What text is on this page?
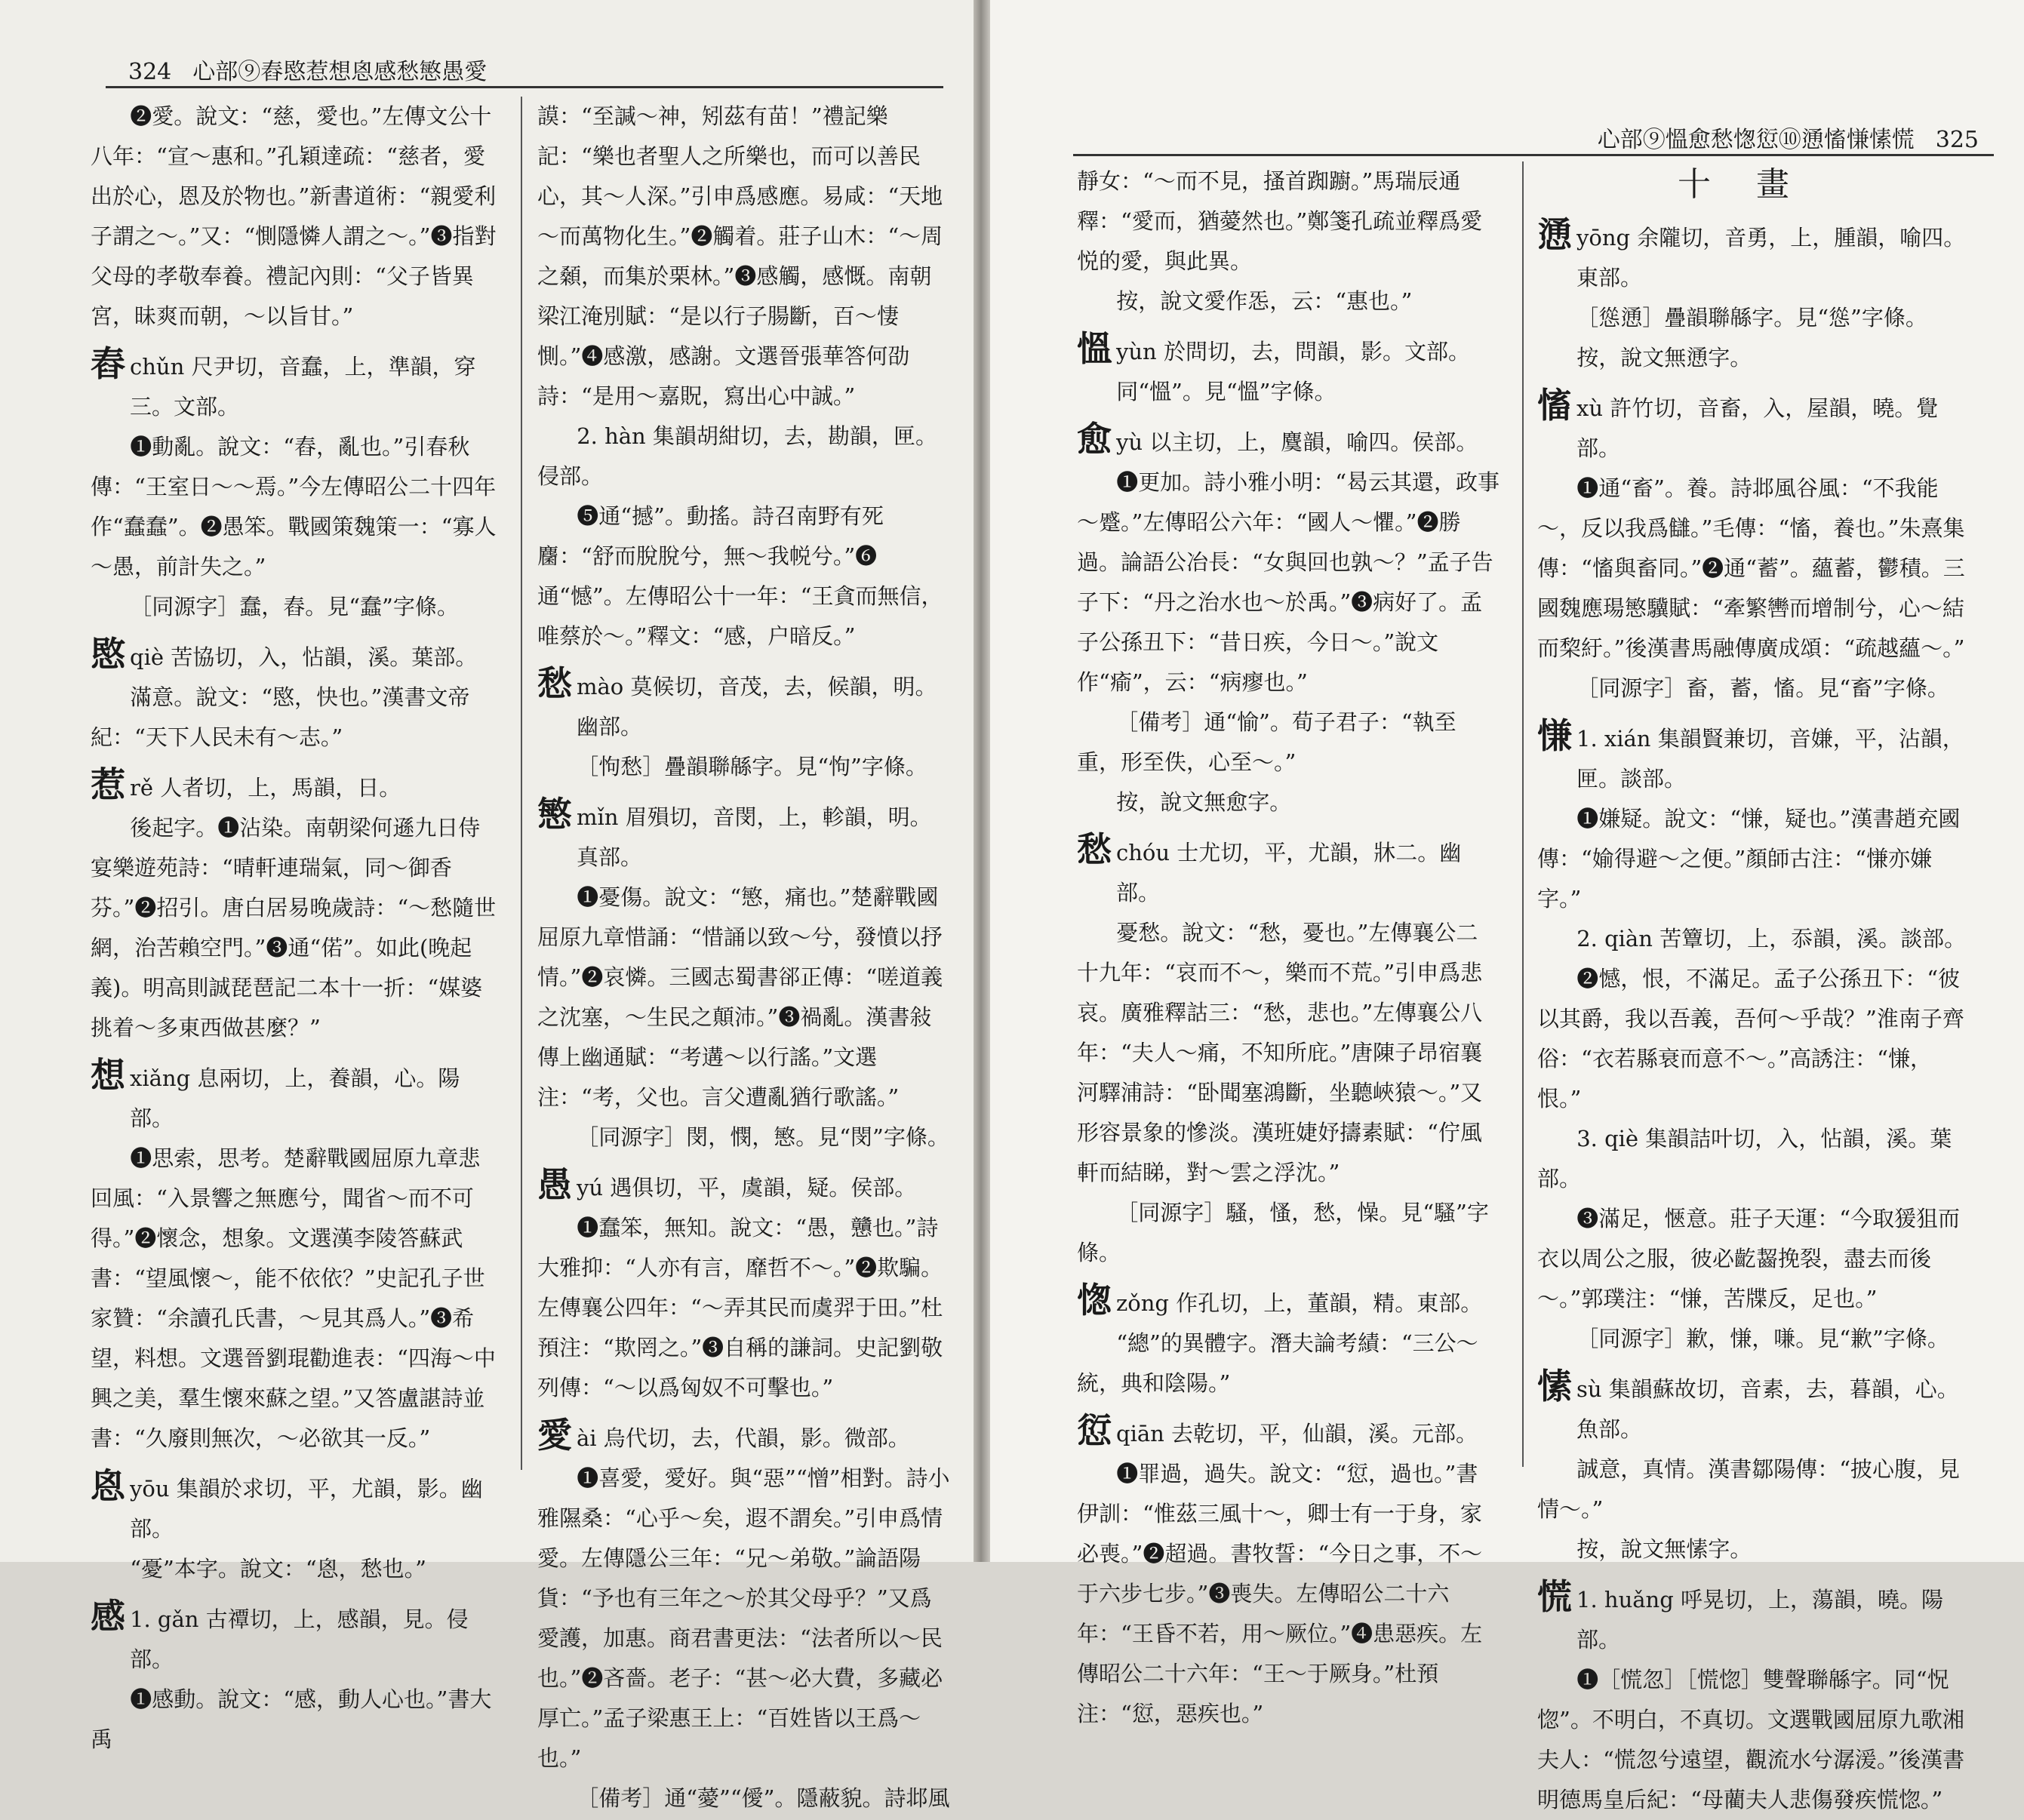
324 心部⑨舂愍惹想恖感愁慜愚愛

❷愛。說文：“慈，愛也。”左傳文公十八年：“宣～惠和。”孔穎達疏：“慈者，愛出於心，恩及於物也。”新書道術：“親愛利子謂之～。”又：“惻隱憐人謂之～。”❸指對父母的孝敬奉養。禮記內則：“父子皆異宮，昧爽而朝，～以旨甘。”

舂 chǔn 尺尹切，音蠢，上，準韻，穿三。文部。

❶動亂。說文：“舂，亂也。”引春秋傳：“王室日～～焉。”今左傳昭公二十四年作“蠢蠢”。❷愚笨。戰國策魏策一：“寡人～愚，前計失之。”

［同源字］蠢，舂。見“蠢”字條。

愍 qiè 苦協切，入，怗韻，溪。葉部。

滿意。說文：“愍，快也。”漢書文帝紀：“天下人民未有～志。”

惹 rě 人者切，上，馬韻，日。

後起字。❶沾染。南朝梁何遜九日侍宴樂遊苑詩：“晴軒連瑞氣，同～御香芬。”❷招引。唐白居易晚歲詩：“～愁隨世網，治苦賴空門。”❸通“偌”。如此(晚起義)。明高則誠琵琶記二本十一折：“媒婆挑着～多東西做甚麼？”

想 xiǎng 息兩切，上，養韻，心。陽部。

❶思索，思考。楚辭戰國屈原九章悲回風：“入景響之無應兮，聞省～而不可得。”❷懷念，想象。文選漢李陵答蘇武書：“望風懷～，能不依依？”史記孔子世家贊：“余讀孔氏書，～見其爲人。”❸希望，料想。文選晉劉琨勸進表：“四海～中興之美，羣生懷來蘇之望。”又答盧諶詩並書：“久廢則無次，～必欲其一反。”

恖 yōu 集韻於求切，平，尤韻，影。幽部。

“憂”本字。說文：“恖，愁也。”

感 1. gǎn 古禫切，上，感韻，見。侵部。

❶感動。說文：“感，動人心也。”書大禹

謨：“至諴～神，矧茲有苗！”禮記樂記：“樂也者聖人之所樂也，而可以善民心，其～人深。”引申爲感應。易咸：“天地～而萬物化生。”❷觸着。莊子山木：“～周之顙，而集於栗林。”❸感觸，感慨。南朝梁江淹別賦：“是以行子腸斷，百～悽惻。”❹感激，感謝。文選晉張華答何劭詩：“是用～嘉貺，寫出心中誠。”

2. hàn 集韻胡紺切，去，勘韻，匣。侵部。

❺通“撼”。動搖。詩召南野有死麕：“舒而脫脫兮，無～我帨兮。”❻通“憾”。左傳昭公十一年：“王貪而無信，唯蔡於～。”釋文：“感，户暗反。”

愁 mào 莫候切，音茂，去，候韻，明。幽部。

［怐愁］疊韻聯緜字。見“怐”字條。

慜 mǐn 眉殞切，音閔，上，軫韻，明。真部。

❶憂傷。說文：“慜，痛也。”楚辭戰國屈原九章惜誦：“惜誦以致～兮，發憤以抒情。”❷哀憐。三國志蜀書郤正傳：“嗟道義之沈塞，～生民之顛沛。”❸禍亂。漢書敍傳上幽通賦：“考遘～以行謠。”文選注：“考，父也。言父遭亂猶行歌謠。”

［同源字］閔，憫，慜。見“閔”字條。

愚 yú 遇俱切，平，虞韻，疑。侯部。

❶蠢笨，無知。說文：“愚，戇也。”詩大雅抑：“人亦有言，靡哲不～。”❷欺騙。左傳襄公四年：“～弄其民而虞羿于田。”杜預注：“欺罔之。”❸自稱的謙詞。史記劉敬列傳：“～以爲匈奴不可擊也。”

愛 ài 烏代切，去，代韻，影。微部。

❶喜愛，愛好。與“惡”“憎”相對。詩小雅隰桑：“心乎～矣，遐不謂矣。”引申爲情愛。左傳隱公三年：“兄～弟敬。”論語陽貨：“予也有三年之～於其父母乎？”又爲愛護，加惠。商君書更法：“法者所以～民也。”❷吝嗇。老子：“甚～必大費，多藏必厚亡。”孟子梁惠王上：“百姓皆以王爲～也。”

［備考］通“薆”“僾”。隱蔽貌。詩邶風

心部⑨慍愈愁愡愆⑩慂慉慊愫慌 325

靜女：“～而不見，搔首踟躕。”馬瑞辰通釋：“愛而，猶薆然也。”鄭箋孔疏並釋爲愛悦的愛，與此異。

按，說文愛作㤅，云：“惠也。”

慍 yùn 於問切，去，問韻，影。文部。

同“慍”。見“慍”字條。

愈 yù 以主切，上，麌韻，喻四。侯部。

❶更加。詩小雅小明：“曷云其還，政事～蹙。”左傳昭公六年：“國人～懼。”❷勝過。論語公冶長：“女與回也孰～？”孟子告子下：“丹之治水也～於禹。”❸病好了。孟子公孫丑下：“昔日疾，今日～。”說文作“瘉”，云：“病瘳也。”

［備考］通“愉”。荀子君子：“執至重，形至佚，心至～。”

按，說文無愈字。

愁 chóu 士尤切，平，尤韻，牀二。幽部。

憂愁。說文：“愁，憂也。”左傳襄公二十九年：“哀而不～，樂而不荒。”引申爲悲哀。廣雅釋詁三：“愁，悲也。”左傳襄公八年：“夫人～痛，不知所庇。”唐陳子昂宿襄河驛浦詩：“卧聞塞鴻斷，坐聽峽猿～。”又形容景象的慘淡。漢班婕妤擣素賦：“佇風軒而結睇，對～雲之浮沈。”

［同源字］騷，慅，愁，懆。見“騷”字條。

愡 zǒng 作孔切，上，董韻，精。東部。

“總”的異體字。潛夫論考績：“三公～統，典和陰陽。”

愆 qiān 去乾切，平，仙韻，溪。元部。

❶罪過，過失。說文：“愆，過也。”書伊訓：“惟茲三風十～，卿士有一于身，家必喪。”❷超過。書牧誓：“今日之事，不～于六步七步。”❸喪失。左傳昭公二十六年：“王昏不若，用～厥位。”❹患惡疾。左傳昭公二十六年：“王～于厥身。”杜預注：“愆，惡疾也。”

十畫
慂 yōng 余隴切，音勇，上，腫韻，喻四。東部。

［慫慂］疊韻聯緜字。見“慫”字條。

按，說文無慂字。

慉 xù 許竹切，音畜，入，屋韻，曉。覺部。

❶通“畜”。養。詩邶風谷風：“不我能～，反以我爲讎。”毛傳：“慉，養也。”朱熹集傳：“慉與畜同。”❷通“蓄”。蘊蓄，鬱積。三國魏應瑒慜驥賦：“牽繁轡而增制兮，心～結而棃紆。”後漢書馬融傳廣成頌：“疏越蘊～。”

［同源字］畜，蓄，慉。見“畜”字條。

慊 1. xián 集韻賢兼切，音嫌，平，沾韻，匣。談部。

❶嫌疑。說文：“慊，疑也。”漢書趙充國傳：“媮得避～之便。”顏師古注：“慊亦嫌字。”

2. qiàn 苦簟切，上，忝韻，溪。談部。

❷憾，恨，不滿足。孟子公孫丑下：“彼以其爵，我以吾義，吾何～乎哉？”淮南子齊俗：“衣若縣衰而意不～。”高誘注：“慊，恨。”

3. qiè 集韻詰叶切，入，怗韻，溪。葉部。

❸滿足，愜意。莊子天運：“今取猨狙而衣以周公之服，彼必齕齧挽裂，盡去而後～。”郭璞注：“慊，苦牒反，足也。”

［同源字］歉，慊，嗛。見“歉”字條。

愫 sù 集韻蘇故切，音素，去，暮韻，心。魚部。

誠意，真情。漢書鄒陽傳：“披心腹，見情～。”

按，說文無愫字。

慌 1. huǎng 呼晃切，上，蕩韻，曉。陽部。

❶［慌忽］［慌惚］雙聲聯緜字。同“怳惚”。不明白，不真切。文選戰國屈原九歌湘夫人：“慌忽兮遠望，觀流水兮潺湲。”後漢書明德馬皇后紀：“母藺夫人悲傷發疾慌惚。”
